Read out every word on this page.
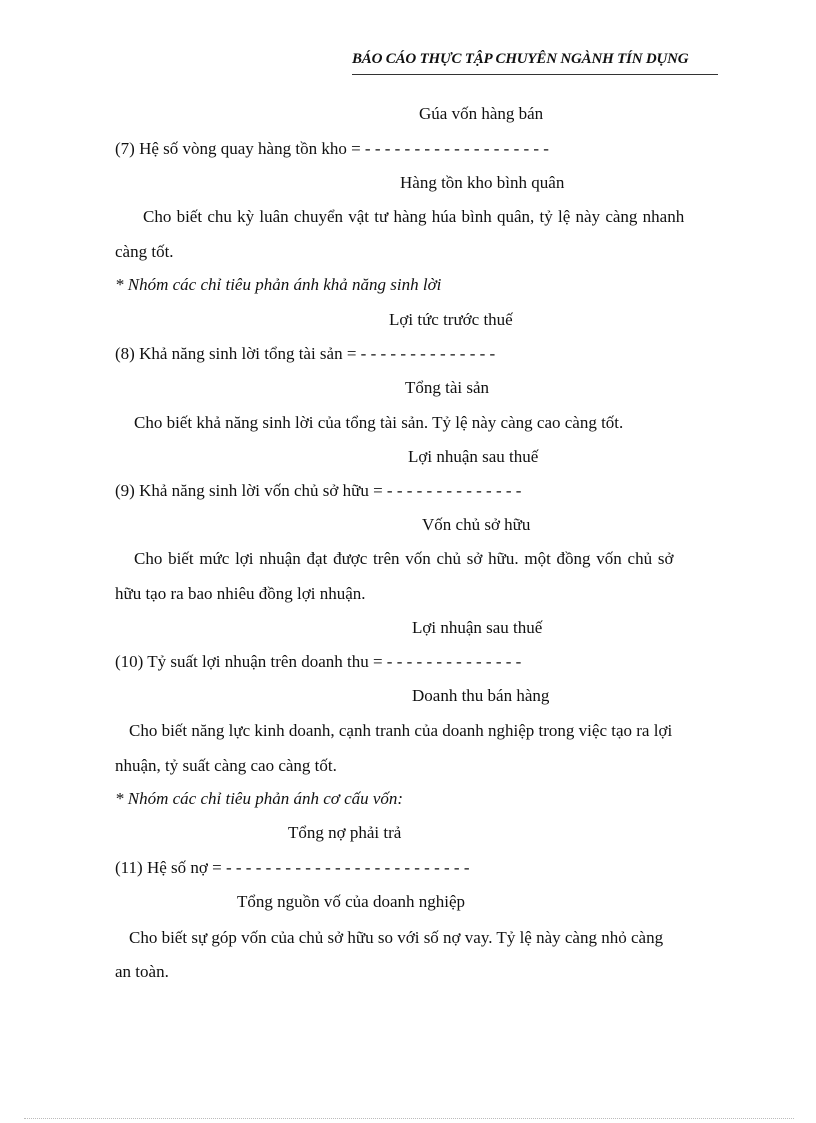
BÁO CÁO THỰC TẬP CHUYÊN NGÀNH TÍN DỤNG
Gúa vốn hàng bán
(7) Hệ số vòng quay hàng tồn kho = - - - - - - - - - - - - - - - - - - -
Hàng tồn kho bình quân
Cho biết chu kỳ luân chuyển vật tư hàng húa bình quân, tỷ lệ này càng nhanh
càng tốt.
* Nhóm các chỉ tiêu phản ánh khả năng sinh lời
Lợi tức trước thuế
(8) Khả năng sinh lời tổng tài sản = - - - - - - - - - - - - - -
Tổng tài sản
Cho biết khả năng sinh lời của tổng tài sản. Tỷ lệ này càng cao càng tốt.
Lợi nhuận sau thuế
(9) Khả năng sinh lời vốn chủ sở hữu = - - - - - - - - - - - - - -
Vốn chủ sở hữu
Cho biết mức lợi nhuận đạt được trên vốn chủ sở hữu. một đồng vốn chủ sở
hữu tạo ra bao nhiêu đồng lợi nhuận.
Lợi nhuận sau thuế
(10) Tỷ suất lợi nhuận trên doanh thu = - - - - - - - - - - - - - -
Doanh thu bán hàng
Cho biết năng lực kinh doanh, cạnh tranh của doanh nghiệp trong việc tạo ra lợi
nhuận, tỷ suất càng cao càng tốt.
* Nhóm các chỉ tiêu phản ánh cơ cấu vốn:
Tổng nợ phải trả
(11) Hệ số nợ = - - - - - - - - - - - - - - - - - - - - - - - - -
Tổng nguồn vố của doanh nghiệp
Cho biết sự góp vốn của chủ sở hữu so với số nợ vay. Tỷ lệ này càng nhỏ càng
an toàn.
